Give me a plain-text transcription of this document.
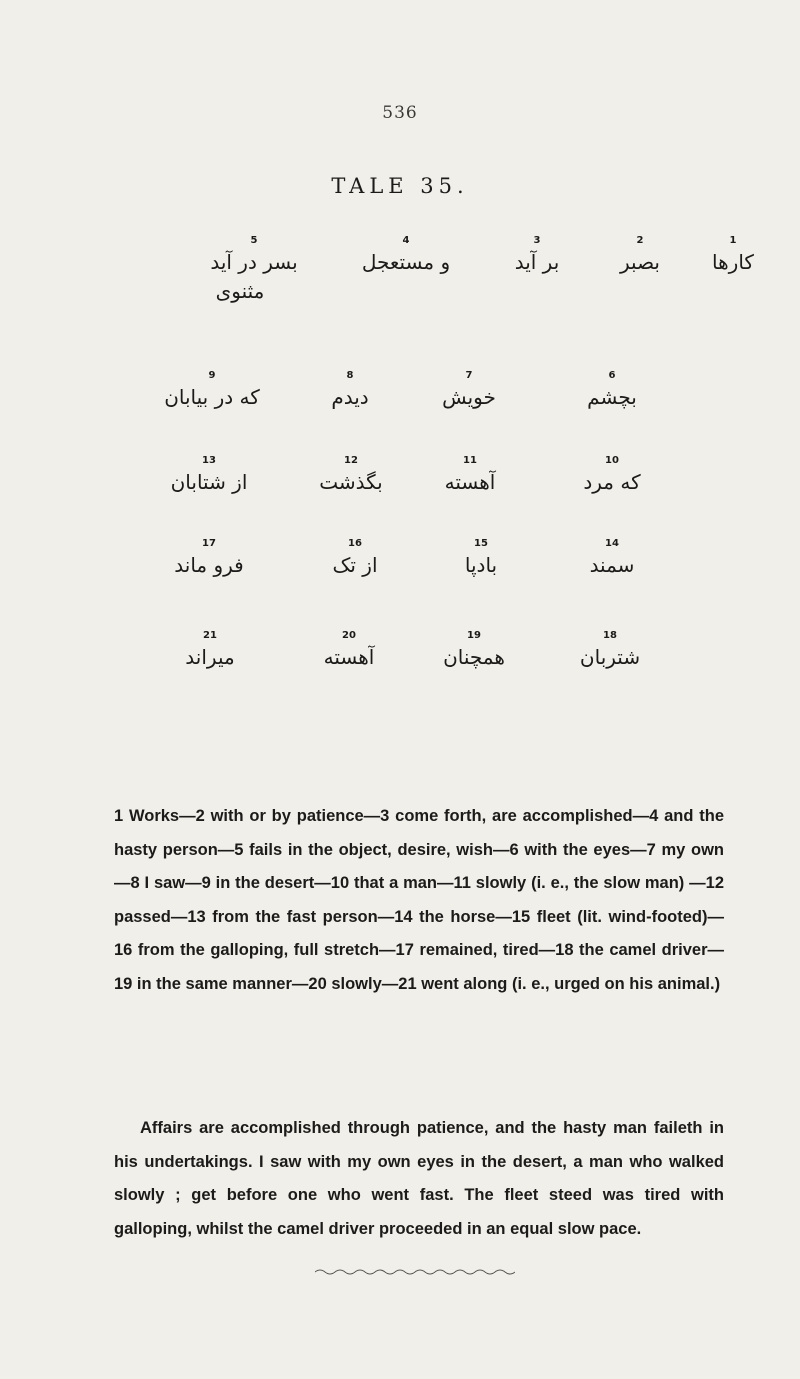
536
TALE 35.
1
کارها
2
بصبر
3
بر آید
4
و مستعجل
5
بسر در آید
مثنوی
6
بچشم
7
خویش
8
دیدم
9
که در بیابان
10
که مرد
11
آهسته
12
بگذشت
13
از شتابان
14
سمند
15
بادپا
16
از تک
17
فرو ماند
18
شتربان
19
همچنان
20
آهسته
21
میراند

1 Works—2 with or by patience—3 come forth, are accomplished—4 and the hasty person—5 fails in the object, desire, wish—6 with the eyes—7 my own—8 I saw—9 in the desert—10 that a man—11 slowly (i. e., the slow man) —12 passed—13 from the fast person—14 the horse—15 fleet (lit. wind-footed)—16 from the galloping, full stretch—17 remained, tired—18 the camel driver—19 in the same manner—20 slowly—21 went along (i. e., urged on his animal.)

Affairs are accomplished through patience, and the hasty man faileth in his undertakings. I saw with my own eyes in the desert, a man who walked slowly ; get before one who went fast. The fleet steed was tired with galloping, whilst the camel driver proceeded in an equal slow pace.
